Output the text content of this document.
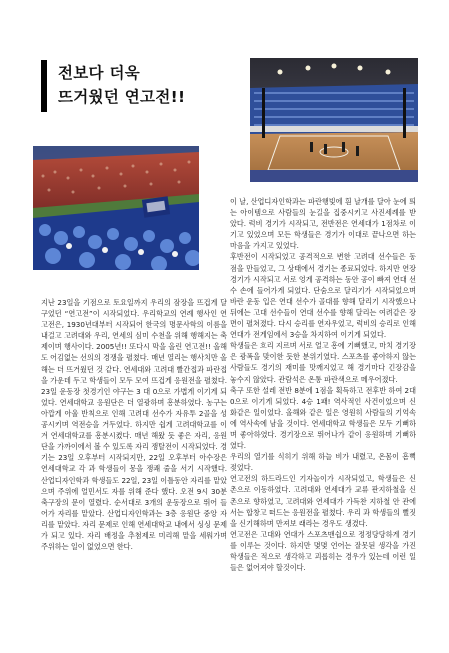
전보다 더욱
뜨거웠던 연고전!!

지난 23일을 기점으로 토요일까지 우리의 잠장을 뜨겁게 달구었던 “연고전”이 시작되었다. 우리학교의 연례 행사인 연고전은, 1930년대부터 시작되어 한국의 명문사학의 이름을 내걸고 고려대와 우리, 연세의 심미 수천을 위해 행해지는 축제이며 행사이다. 2005년!! 또다시 막을 올린 연고전!! 올해도 어김없는 선의의 경쟁을 펼쳤다. 매년 열리는 행사치만 올해는 더 뜨거웠던 것 같다. 연세대와 고려대 빨간접과 파란접을 가운데 두고 학생들이 모두 모여 뜨겁게 응원전을 펼쳤다. 23일 운동장 첫경기인 야구는 3 대 0으로 가볍게 이기게 되었다. 연세대학교 응원단은 더 열광하며 흥분하였다. 농구는 아깝게 아울 반칙으로 인해 고려대 선수가 자유투 2골을 성공시키며 역전승을 거두었다. 하지만 쉽게 고려대학교를 이겨 연세대학교를 흥분시켰다. 매년 해왔 듯 좋은 자리, 응원단을 가까이에서 볼 수 있도록 자리 쟁탈전이 시작되었다. 경기는 23일 오후부터 시작되지만, 22일 오후부터 아수장은 연세대학교 각 과 학생들이 몽을 쟁쾌 줄을 서기 시작했다. 산업디자인학과 학생들도 22일, 23일 이틀동안 자리를 맡았으며 주위에 얼민서도 자를 위해 준다 했다. 오전 9시 30분 축구장의 문이 열렸다. 순서대로 3개의 운동장으로 뛰어 들어가 자리를 맡았다. 산업디자인학과는 3층 응원단 중앙 자리를 맡았다. 자리 문제로 인해 연세대학교 내에서 싱싱 문제가 되고 있다. 자리 배정을 추첨제로 미리해 맡을 세워가며 주위하는 일이 없었으면 한다.

이 날, 산업디자인학과는 파란행빛에 흰 날개를 달아 눈에 띄는 아이템으로 사람들의 눈길을 집중시키고 사진세례를 받았다. 럭비 경기가 시작되고, 전반전은 연세대가 1점차로 이기고 있었으며 모든 학생들은 경기가 이대로 끝나으면 하는 마음을 가지고 있었다.

후반전이 시작되었고 공격적으로 변한 고려대 선수들은 동점을 만들었고, 그 상태에서 경기는 종료되었다. 하지만 연장경기가 시작되고 서로 엉게 공격하는 동안 공이 빠져 연대 선수 손에 들어가게 되었다. 단숨으로 달리기가 시작되었으며 바란 운동 입은 연대 선수가 골대를 향해 달리기 시작했으나 뒤에는 고대 선수들이 연대 선수를 향해 달리는 여려같은 장면이 펼쳐졌다. 다시 승리를 연자우었고, 럭비의 승리로 인해 연대가 전게임에서 3승을 차지하여 이기게 되었다.

학생들은 흐리 지르며 서로 얼고 흥에 기뻐했고, 마치 경기장은 광폭을 맞이한 듯한 분위기였다. 스포츠를 좋아하지 않는 사람들도 경기의 재미를 맛깨지었고 해 경기마다 긴장감을 놓수지 않았다. 관람석은 온통 파란색으로 메우어졌다.

축구 또한 설레 전반 8분에 1점을 획득하고 전후반 하여 2대 0으로 이기게 되었다. 4승 1패! 역사적인 사건이었으며 신화같은 일이었다. 올해와 같은 일은 영원히 사람들의 기억속에 역사속에 남을 것이다. 연세대학교 학생들은 모두 기뻐하며 좋아하였다. 경기장으로 뛰어나가 같이 응원하며 기뻐하였다.

우리의 열기를 식히기 위해 하늘 비가 내렸고, 온몸이 흠뻑 젖었다.

연고전의 하드라드인 기자놀이가 시작되었고, 학생들은 신촌으로 이동하였다. 고려대와 연세대가 교류 판지하철을 신촌으로 향하였고, 고려대와 연세대가 가득찬 지하철 안 관에서는 합창고 떠드는 응원전을 펼쳤다. 우리 과 학생들의 뻘짓을 신기해하며 만져보 래라는 경우도 생겼다.

연고전은 고대와 연대가 스포츠맨쉽으로 정정당당하게 경기를 이루는 것이다. 하지만 몇몇 언어는 잘못된 생각을 가진 학생들은 적으로 생각하고 괴롭히는 경우가 있는데 이런 일들은 없어져야 할것이다.
